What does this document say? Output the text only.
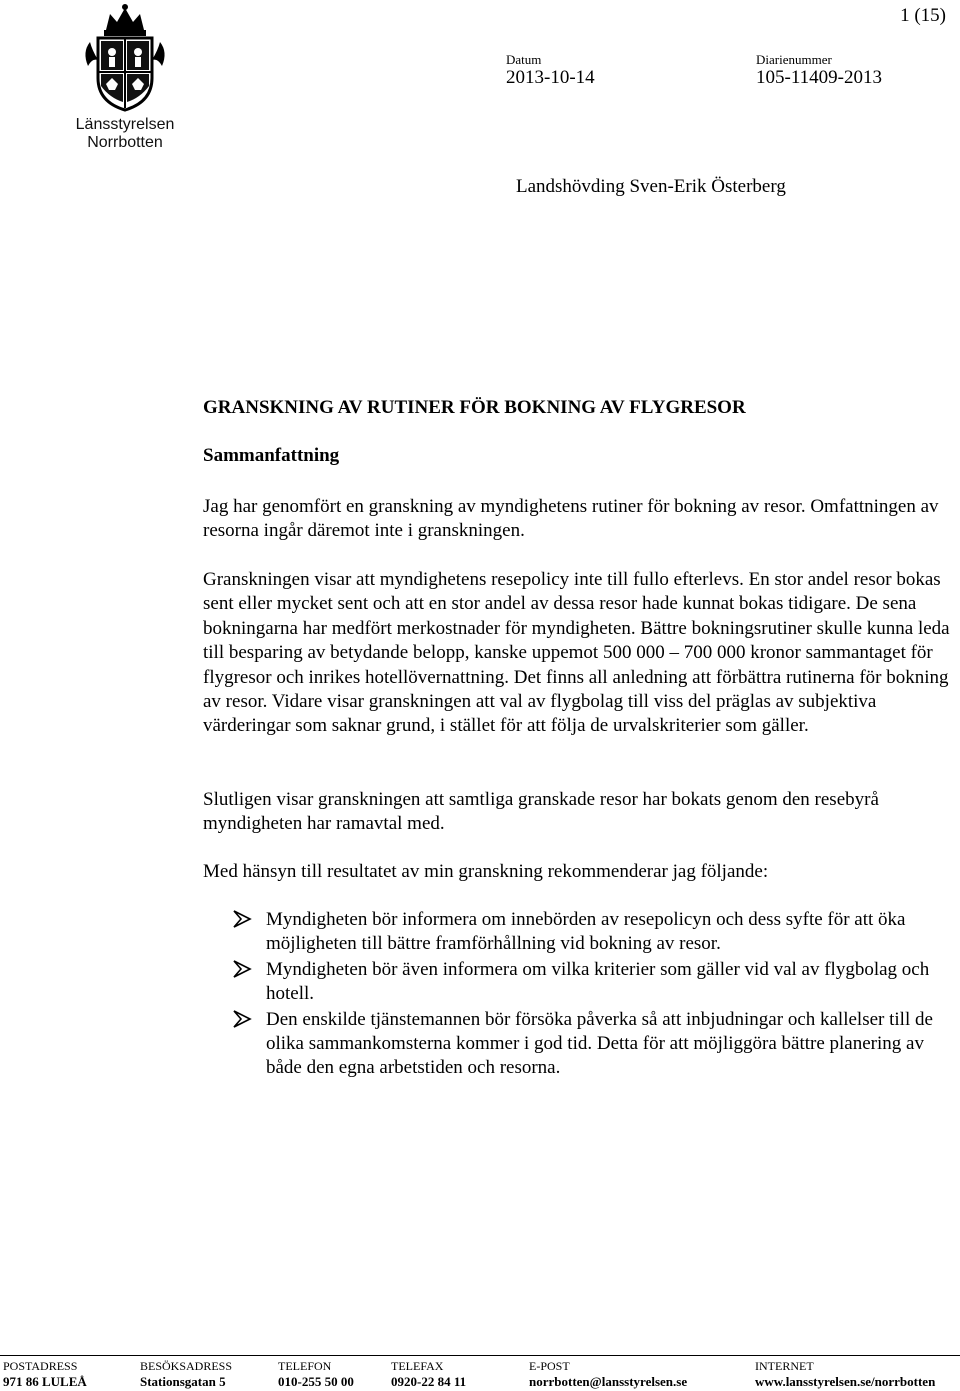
1 (15)
Länsstyrelsen
Norrbotten
Datum
2013-10-14
Diarienummer
105-11409-2013
Landshövding Sven-Erik Österberg
GRANSKNING AV RUTINER FÖR BOKNING AV FLYGRESOR
Sammanfattning

Jag har genomfört en granskning av myndighetens rutiner för bokning av resor. Omfattningen av resorna ingår däremot inte i granskningen.

Granskningen visar att myndighetens resepolicy inte till fullo efterlevs. En stor andel resor bokas sent eller mycket sent och att en stor andel av dessa resor hade kunnat bokas tidigare. De sena bokningarna har medfört merkostnader för myndigheten. Bättre bokningsrutiner skulle kunna leda till besparing av betydande belopp, kanske uppemot 500 000 – 700 000 kronor sammantaget för flygresor och inrikes hotellövernattning. Det finns all anledning att förbättra rutinerna för bokning av resor. Vidare visar granskningen att val av flygbolag till viss del präglas av subjektiva värderingar som saknar grund, i stället för att följa de urvalskriterier som gäller.

Slutligen visar granskningen att samtliga granskade resor har bokats genom den resebyrå myndigheten har ramavtal med.

Med hänsyn till resultatet av min granskning rekommenderar jag följande:

Myndigheten bör informera om innebörden av resepolicyn och dess syfte för att öka möjligheten till bättre framförhållning vid bokning av resor.
Myndigheten bör även informera om vilka kriterier som gäller vid val av flygbolag och hotell.
Den enskilde tjänstemannen bör försöka påverka så att inbjudningar och kallelser till de olika sammankomsterna kommer i god tid. Detta för att möjliggöra bättre planering av både den egna arbetstiden och resorna.
POSTADRESS
971 86 LULEÅ
BESÖKSADRESS
Stationsgatan 5
TELEFON
010-255 50 00
TELEFAX
0920-22 84 11
E-POST
norrbotten@lansstyrelsen.se
INTERNET
www.lansstyrelsen.se/norrbotten
